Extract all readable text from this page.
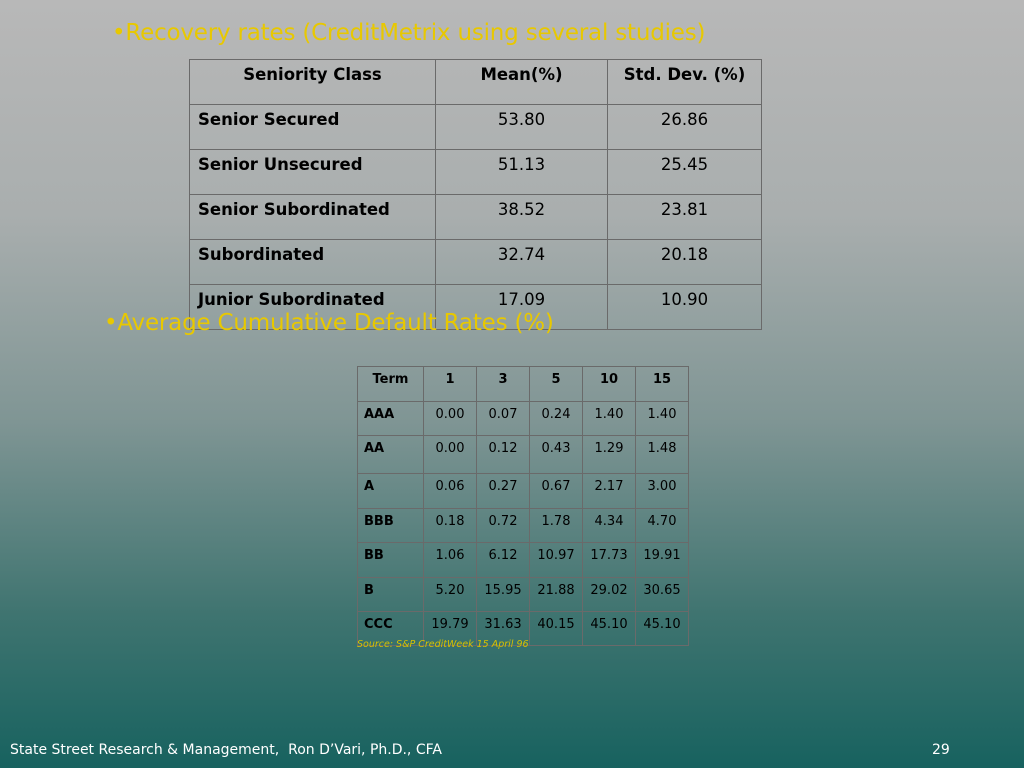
•Recovery rates (CreditMetrix using several studies)
Seniority Class	Mean(%)	Std. Dev. (%)
Senior Secured	53.80	26.86
Senior Unsecured	51.13	25.45
Senior Subordinated	38.52	23.81
Subordinated	32.74	20.18
Junior Subordinated	17.09	10.90
•Average Cumulative Default Rates (%)
Term	1	3	5	10	15
AAA	0.00	0.07	0.24	1.40	1.40
AA	0.00	0.12	0.43	1.29	1.48
A	0.06	0.27	0.67	2.17	3.00
BBB	0.18	0.72	1.78	4.34	4.70
BB	1.06	6.12	10.97	17.73	19.91
B	5.20	15.95	21.88	29.02	30.65
CCC	19.79	31.63	40.15	45.10	45.10
Source: S&P CreditWeek 15 April 96
State Street Research & Management,  Ron D’Vari, Ph.D., CFA	29
